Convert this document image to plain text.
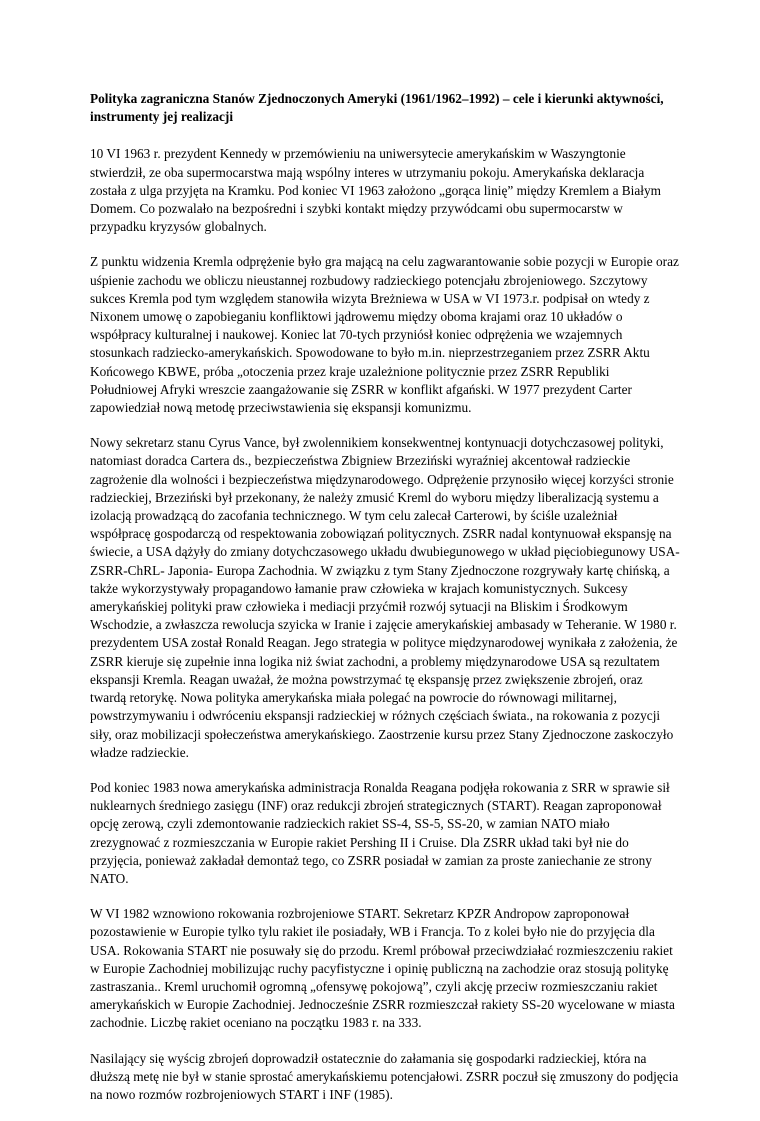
Polityka zagraniczna Stanów Zjednoczonych Ameryki (1961/1962–1992) – cele i kierunki aktywności, instrumenty jej realizacji
10 VI 1963 r. prezydent Kennedy w przemówieniu na uniwersytecie amerykańskim w Waszyngtonie stwierdził, ze oba supermocarstwa mają wspólny interes w utrzymaniu pokoju. Amerykańska deklaracja została z ulga przyjęta na Kramku. Pod koniec VI 1963 założono „gorąca linię” między Kremlem a Białym Domem. Co pozwalało na bezpośredni i szybki kontakt między przywódcami obu supermocarstw w przypadku kryzysów globalnych.
Z punktu widzenia Kremla odprężenie było gra mającą na celu zagwarantowanie sobie pozycji w Europie oraz uśpienie zachodu we obliczu nieustannej rozbudowy radzieckiego potencjału zbrojeniowego. Szczytowy sukces Kremla pod tym względem stanowiła wizyta Breżniewa w USA w VI 1973.r. podpisał on wtedy z Nixonem umowę o zapobieganiu konfliktowi jądrowemu między oboma krajami oraz 10 układów o współpracy kulturalnej i naukowej. Koniec lat 70-tych przyniósł koniec odprężenia we wzajemnych stosunkach radziecko-amerykańskich. Spowodowane to było m.in. nieprzestrzeganiem przez ZSRR Aktu Końcowego KBWE, próba „otoczenia przez kraje uzależnione politycznie przez ZSRR Republiki Południowej Afryki wreszcie zaangażowanie się ZSRR w konflikt afgański. W 1977 prezydent Carter zapowiedział nową metodę przeciwstawienia się ekspansji komunizmu.
Nowy sekretarz stanu Cyrus Vance, był zwolennikiem konsekwentnej kontynuacji dotychczasowej polityki, natomiast doradca Cartera ds., bezpieczeństwa Zbigniew Brzeziński wyraźniej akcentował radzieckie zagrożenie dla wolności i bezpieczeństwa międzynarodowego. Odprężenie przynosiło więcej korzyści stronie radzieckiej, Brzeziński był przekonany, że należy zmusić Kreml do wyboru między liberalizacją systemu a izolacją prowadzącą do zacofania technicznego. W tym celu zalecał Carterowi, by ściśle uzależniał współpracę gospodarczą od respektowania zobowiązań politycznych. ZSRR nadal kontynuował ekspansję na świecie, a USA dążyły do zmiany dotychczasowego układu dwubiegunowego w układ pięciobiegunowy USA- ZSRR-ChRL- Japonia- Europa Zachodnia. W związku z tym Stany Zjednoczone rozgrywały kartę chińską, a także wykorzystywały propagandowo łamanie praw człowieka w krajach komunistycznych. Sukcesy amerykańskiej polityki praw człowieka i mediacji przyćmił rozwój sytuacji na Bliskim i Środkowym Wschodzie, a zwłaszcza rewolucja szyicka w Iranie i zajęcie amerykańskiej ambasady w Teheranie. W 1980 r. prezydentem USA został Ronald Reagan. Jego strategia w polityce międzynarodowej wynikała z założenia, że ZSRR kieruje się zupełnie inna logika niż świat zachodni, a problemy międzynarodowe USA są rezultatem ekspansji Kremla. Reagan uważał, że można powstrzymać tę ekspansję przez zwiększenie zbrojeń, oraz twardą retorykę. Nowa polityka amerykańska miała polegać na powrocie do równowagi militarnej, powstrzymywaniu i odwróceniu ekspansji radzieckiej w różnych częściach świata., na rokowania z pozycji siły, oraz mobilizacji społeczeństwa amerykańskiego. Zaostrzenie kursu przez Stany Zjednoczone zaskoczyło władze radzieckie.
Pod koniec 1983 nowa amerykańska administracja Ronalda Reagana podjęła rokowania z SRR w sprawie sił nuklearnych średniego zasięgu (INF) oraz redukcji zbrojeń strategicznych (START). Reagan zaproponował opcję zerową, czyli zdemontowanie radzieckich rakiet SS-4, SS-5, SS-20, w zamian NATO miało zrezygnować z rozmieszczania w Europie rakiet Pershing II i Cruise. Dla ZSRR układ taki był nie do przyjęcia, ponieważ zakładał demontaż tego, co ZSRR posiadał w zamian za proste zaniechanie ze strony NATO.
W VI 1982 wznowiono rokowania rozbrojeniowe START. Sekretarz KPZR Andropow zaproponował pozostawienie w Europie tylko tylu rakiet ile posiadały, WB i Francja. To z kolei było nie do przyjęcia dla USA. Rokowania START nie posuwały się do przodu. Kreml próbował przeciwdziałać rozmieszczeniu rakiet w Europie Zachodniej mobilizując ruchy pacyfistyczne i opinię publiczną na zachodzie oraz stosują politykę zastraszania.. Kreml uruchomił ogromną „ofensywę pokojową”, czyli akcję przeciw rozmieszczaniu rakiet amerykańskich w Europie Zachodniej. Jednocześnie ZSRR rozmieszczał rakiety SS-20 wycelowane w miasta zachodnie. Liczbę rakiet oceniano na początku 1983 r. na 333.
Nasilający się wyścig zbrojeń doprowadził ostatecznie do załamania się gospodarki radzieckiej, która na dłuższą metę nie był w stanie sprostać amerykańskiemu potencjałowi. ZSRR poczuł się zmuszony do podjęcia na nowo rozmów rozbrojeniowych START i INF (1985).
